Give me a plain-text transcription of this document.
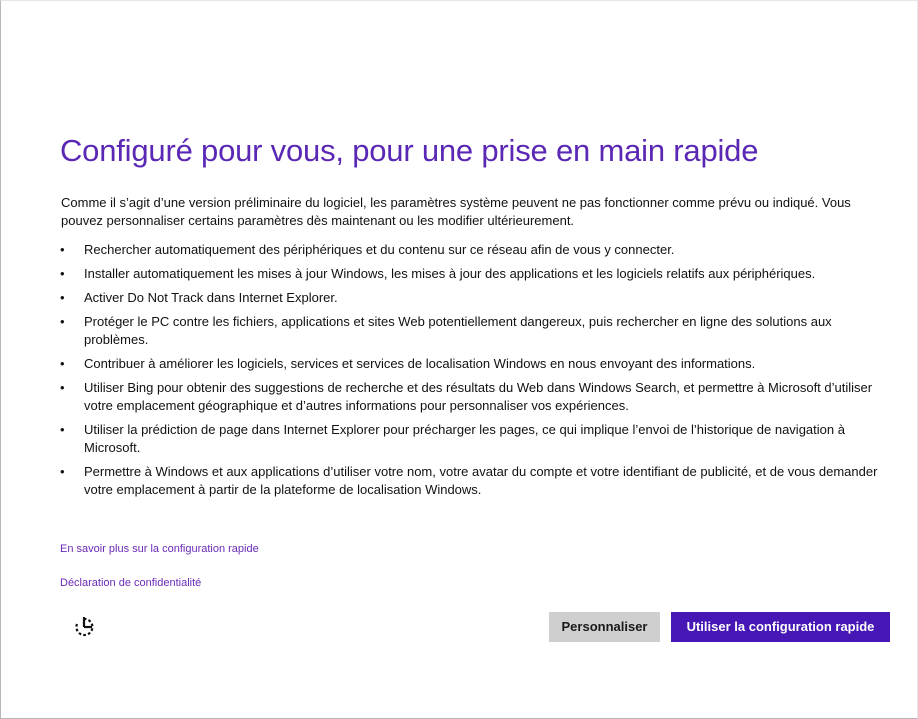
Configuré pour vous, pour une prise en main rapide

Comme il s’agit d’une version préliminaire du logiciel, les paramètres système peuvent ne pas fonctionner comme prévu ou indiqué. Vous pouvez personnaliser certains paramètres dès maintenant ou les modifier ultérieurement.

•	Rechercher automatiquement des périphériques et du contenu sur ce réseau afin de vous y connecter.
•	Installer automatiquement les mises à jour Windows, les mises à jour des applications et les logiciels relatifs aux périphériques.
•	Activer Do Not Track dans Internet Explorer.
•	Protéger le PC contre les fichiers, applications et sites Web potentiellement dangereux, puis rechercher en ligne des solutions aux problèmes.
•	Contribuer à améliorer les logiciels, services et services de localisation Windows en nous envoyant des informations.
•	Utiliser Bing pour obtenir des suggestions de recherche et des résultats du Web dans Windows Search, et permettre à Microsoft d’utiliser votre emplacement géographique et d’autres informations pour personnaliser vos expériences.
•	Utiliser la prédiction de page dans Internet Explorer pour précharger les pages, ce qui implique l’envoi de l’historique de navigation à Microsoft.
•	Permettre à Windows et aux applications d’utiliser votre nom, votre avatar du compte et votre identifiant de publicité, et de vous demander votre emplacement à partir de la plateforme de localisation Windows.
En savoir plus sur la configuration rapide
Déclaration de confidentialité
Personnaliser	Utiliser la configuration rapide
